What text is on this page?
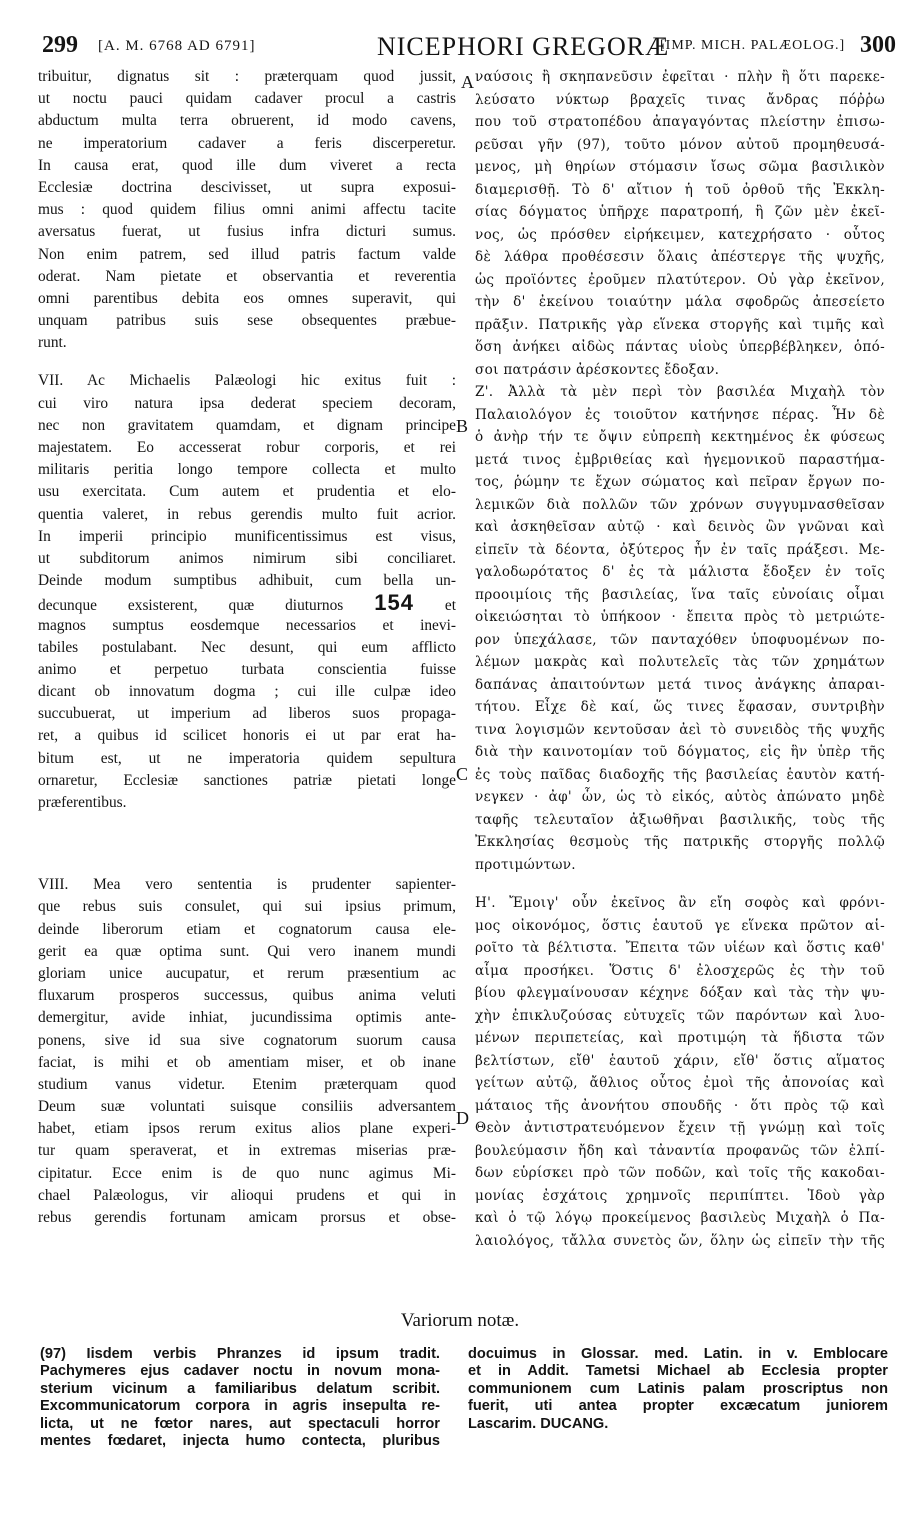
299 [A. M. 6768 AD 6791]	NICEPHORI GREGORÆ
[IMP. MICH. PALÆOLOG.] 300
A
B
C
D
tribuitur, dignatus sit : præterquam quod jussit,
ut noctu pauci quidam cadaver procul a castris
abductum multa terra obruerent, id modo cavens,
ne imperatorium cadaver a feris discerperetur.
In causa erat, quod ille dum viveret a recta
Ecclesiæ doctrina descivisset, ut supra exposui-
mus : quod quidem filius omni animi affectu tacite
aversatus fuerat, ut fusius infra dicturi sumus.
Non enim patrem, sed illud patris factum valde
oderat. Nam pietate et observantia et reverentia
omni parentibus debita eos omnes superavit, qui
unquam patribus suis sese obsequentes præbue-
runt.
VII. Ac Michaelis Palæologi hic exitus fuit :
cui viro natura ipsa dederat speciem decoram,
nec non gravitatem quamdam, et dignam principe
majestatem. Eo accesserat robur corporis, et rei
militaris peritia longo tempore collecta et multo
usu exercitata. Cum autem et prudentia et elo-
quentia valeret, in rebus gerendis multo fuit acrior.
In imperii principio munificentissimus est visus,
ut subditorum animos nimirum sibi conciliaret.
Deinde modum sumptibus adhibuit, cum bella un-
decunque exsisterent, quæ diuturnos 154 et
magnos sumptus eosdemque necessarios et inevi-
tabiles postulabant. Nec desunt, qui eum afflicto
animo et perpetuo turbata conscientia fuisse
dicant ob innovatum dogma ; cui ille culpæ ideo
succubuerat, ut imperium ad liberos suos propaga-
ret, a quibus id scilicet honoris ei ut par erat ha-
bitum est, ut ne imperatoria quidem sepultura
ornaretur, Ecclesiæ sanctiones patriæ pietati longe
præferentibus.
VIII. Mea vero sententia is prudenter sapienter-
que rebus suis consulet, qui sui ipsius primum,
deinde liberorum etiam et cognatorum causa ele-
gerit ea quæ optima sunt. Qui vero inanem mundi
gloriam unice aucupatur, et rerum præsentium ac
fluxarum prosperos successus, quibus anima veluti
demergitur, avide inhiat, jucundissima optimis ante-
ponens, sive id sua sive cognatorum suorum causa
faciat, is mihi et ob amentiam miser, et ob inane
studium vanus videtur. Etenim præterquam quod
Deum suæ voluntati suisque consiliis adversantem
habet, etiam ipsos rerum exitus alios plane experi-
tur quam speraverat, et in extremas miserias præ-
cipitatur. Ecce enim is de quo nunc agimus Mi-
chael Palæologus, vir alioqui prudens et qui in
rebus gerendis fortunam amicam prorsus et obse-
ναύσοις ἢ σκηπανεῦσιν ἐφεῖται · πλὴν ἢ ὅτι παρεκε-
λεύσατο νύκτωρ βραχεῖς τινας ἄνδρας πόῤῥω
που τοῦ στρατοπέδου ἀπαγαγόντας πλείστην ἐπισω-
ρεῦσαι γῆν (97), τοῦτο μόνον αὐτοῦ προμηθευσά-
μενος, μὴ θηρίων στόμασιν ἴσως σῶμα βασιλικὸν
διαμερισθῇ. Τὸ δ' αἴτιον ἡ τοῦ ὀρθοῦ τῆς Ἐκκλη-
σίας δόγματος ὑπῆρχε παρατροπή, ἣ ζῶν μὲν ἐκεῖ-
νος, ὡς πρόσθεν εἰρήκειμεν, κατεχρήσατο · οὗτος
δὲ λάθρα προθέσεσιν ὅλαις ἀπέστεργε τῆς ψυχῆς,
ὡς προϊόντες ἐροῦμεν πλατύτερον. Οὐ γὰρ ἐκεῖνον,
τὴν δ' ἐκείνου τοιαύτην μάλα σφοδρῶς ἀπεσείετο
πρᾶξιν. Πατρικῆς γὰρ εἵνεκα στοργῆς καὶ τιμῆς καὶ
ὅση ἀνήκει αἰδὼς πάντας υἱοὺς ὑπερβέβληκεν, ὁπό-
σοι πατράσιν ἀρέσκοντες ἔδοξαν.
Ζ'. Ἀλλὰ τὰ μὲν περὶ τὸν βασιλέα Μιχαὴλ τὸν
Παλαιολόγον ἐς τοιοῦτον κατήνησε πέρας. Ἦν δὲ
ὁ ἀνὴρ τήν τε ὄψιν εὐπρεπὴ κεκτημένος ἐκ φύσεως
μετά τινος ἐμβριθείας καὶ ἡγεμονικοῦ παραστήμα-
τος, ῥώμην τε ἔχων σώματος καὶ πεῖραν ἔργων πο-
λεμικῶν διὰ πολλῶν τῶν χρόνων συγγυμνασθεῖσαν
καὶ ἀσκηθεῖσαν αὐτῷ · καὶ δεινὸς ὢν γνῶναι καὶ
εἰπεῖν τὰ δέοντα, ὀξύτερος ἦν ἐν ταῖς πράξεσι. Με-
γαλοδωρότατος δ' ἐς τὰ μάλιστα ἔδοξεν ἐν τοῖς
προοιμίοις τῆς βασιλείας, ἵνα ταῖς εὐνοίαις οἶμαι
οἰκειώσηται τὸ ὑπήκοον · ἔπειτα πρὸς τὸ μετριώτε-
ρον ὑπεχάλασε, τῶν πανταχόθεν ὑποφυομένων πο-
λέμων μακρὰς καὶ πολυτελεῖς τὰς τῶν χρημάτων
δαπάνας ἀπαιτούντων μετά τινος ἀνάγκης ἀπαραι-
τήτου. Εἶχε δὲ καί, ὥς τινες ἔφασαν, συντριβὴν
τινα λογισμῶν κεντοῦσαν ἀεὶ τὸ συνειδὸς τῆς ψυχῆς
διὰ τὴν καινοτομίαν τοῦ δόγματος, εἰς ἣν ὑπὲρ τῆς
ἐς τοὺς παῖδας διαδοχῆς τῆς βασιλείας ἑαυτὸν κατή-
νεγκεν · ἀφ' ὧν, ὡς τὸ εἰκός, αὐτὸς ἀπώνατο μηδὲ
ταφῆς τελευταῖον ἀξιωθῆναι βασιλικῆς, τοὺς τῆς
Ἐκκλησίας θεσμοὺς τῆς πατρικῆς στοργῆς πολλῷ
προτιμώντων.
Η'. Ἔμοιγ' οὖν ἐκεῖνος ἂν εἴη σοφὸς καὶ φρόνι-
μος οἰκονόμος, ὅστις ἑαυτοῦ γε εἵνεκα πρῶτον αἱ-
ροῖτο τὰ βέλτιστα. Ἔπειτα τῶν υἱέων καὶ ὅστις καθ'
αἷμα προσήκει. Ὅστις δ' ἐλοσχερῶς ἐς τὴν τοῦ
βίου φλεγμαίνουσαν κέχηνε δόξαν καὶ τὰς τὴν ψυ-
χὴν ἐπικλυζούσας εὐτυχεῖς τῶν παρόντων καὶ λυο-
μένων περιπετείας, καὶ προτιμῴη τὰ ἥδιστα τῶν
βελτίστων, εἴθ' ἑαυτοῦ χάριν, εἴθ' ὅστις αἵματος
γείτων αὐτῷ, ἄθλιος οὗτος ἐμοὶ τῆς ἀπονοίας καὶ
μάταιος τῆς ἀνονήτου σπουδῆς · ὅτι πρὸς τῷ καὶ
Θεὸν ἀντιστρατευόμενον ἔχειν τῇ γνώμῃ καὶ τοῖς
βουλεύμασιν ἤδη καὶ τἀναντία προφανῶς τῶν ἐλπί-
δων εὑρίσκει πρὸ τῶν ποδῶν, καὶ τοῖς τῆς κακοδαι-
μονίας ἐσχάτοις χρημνοῖς περιπίπτει. Ἰδοὺ γὰρ
καὶ ὁ τῷ λόγῳ προκείμενος βασιλεὺς Μιχαὴλ ὁ Πα-
λαιολόγος, τἄλλα συνετὸς ὤν, ὅλην ὡς εἰπεῖν τὴν τῆς
Variorum notæ.
(97) Iisdem verbis Phranzes id ipsum tradit.
Pachymeres ejus cadaver noctu in novum mona-
sterium vicinum a familiaribus delatum scribit.
Excommunicatorum corpora in agris insepulta re-
licta, ut ne fœtor nares, aut spectaculi horror
mentes fœdaret, injecta humo contecta, pluribus
docuimus in Glossar. med. Latin. in v. Emblocare
et in Addit. Tametsi Michael ab Ecclesia propter
communionem cum Latinis palam proscriptus non
fuerit, uti antea propter excæcatum juniorem
Lascarim. DUCANG.
